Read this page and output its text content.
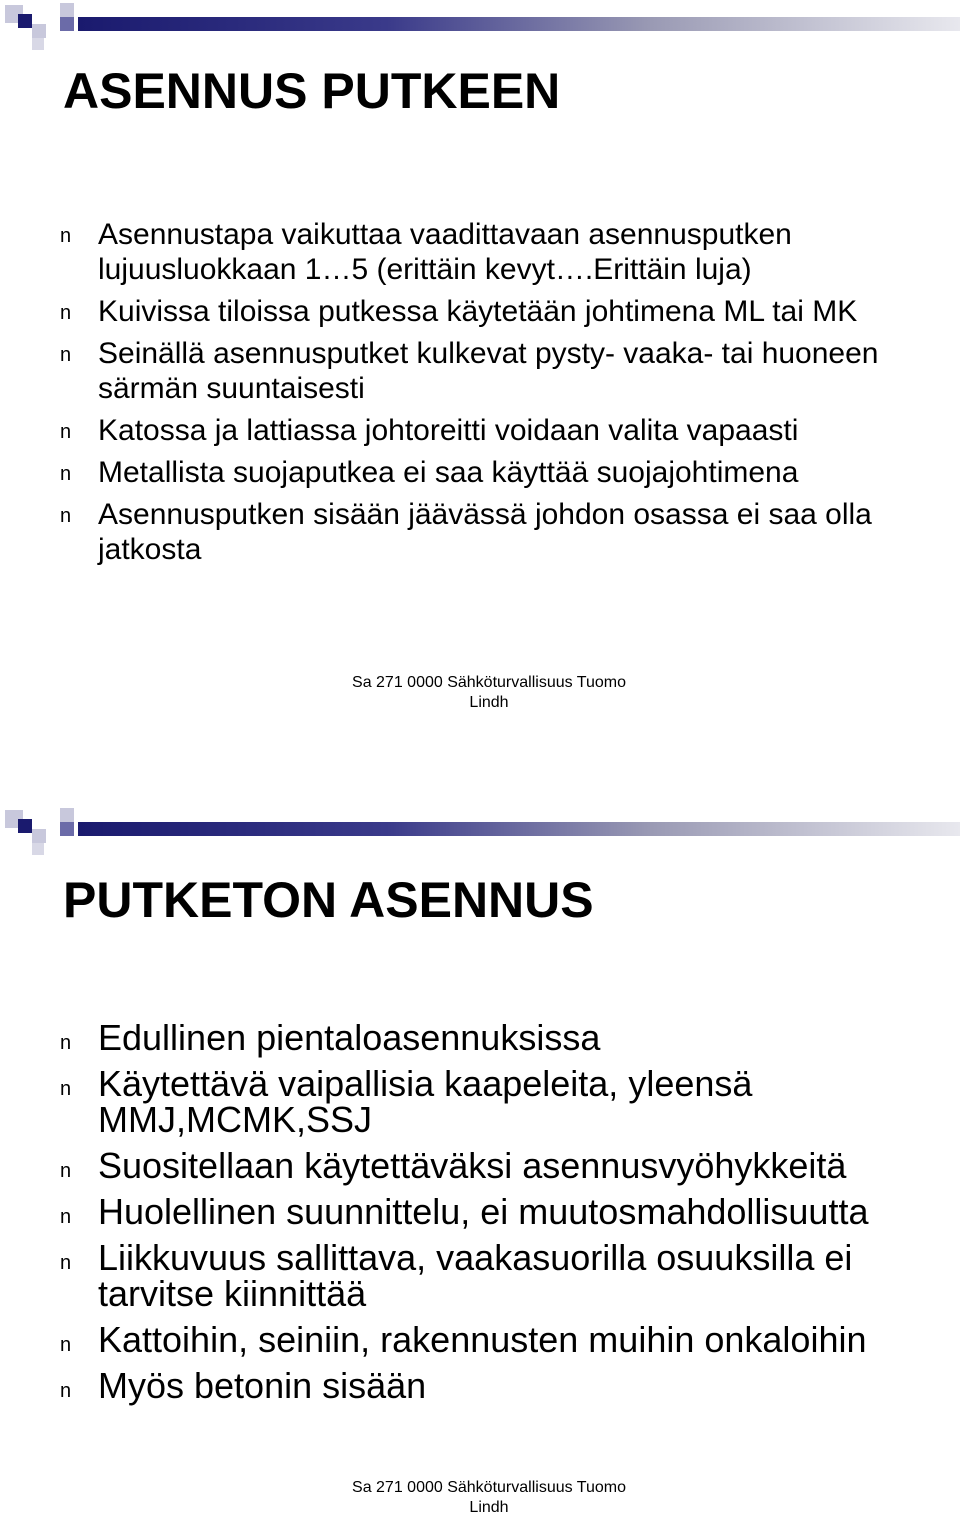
ASENNUS PUTKEEN
n Asennustapa vaikuttaa vaadittavaan asennusputken lujuusluokkaan 1…5 (erittäin kevyt….Erittäin luja)
n Kuivissa tiloissa putkessa käytetään johtimena ML tai MK
n Seinällä asennusputket kulkevat pysty- vaaka- tai huoneen särmän suuntaisesti
n Katossa ja lattiassa johtoreitti voidaan valita vapaasti
n Metallista suojaputkea ei saa käyttää suojajohtimena
n Asennusputken sisään jäävässä johdon osassa ei saa olla jatkosta
Sa 271 0000 Sähköturvallisuus Tuomo Lindh
PUTKETON ASENNUS
n Edullinen pientaloasennuksissa
n Käytettävä vaipallisia kaapeleita, yleensä MMJ,MCMK,SSJ
n Suositellaan käytettäväksi asennusvyöhykkeitä
n Huolellinen suunnittelu, ei muutosmahdollisuutta
n Liikkuvuus sallittava, vaakasuorilla osuuksilla ei tarvitse kiinnittää
n Kattoihin, seiniin, rakennusten muihin onkaloihin
n Myös betonin sisään
Sa 271 0000 Sähköturvallisuus Tuomo Lindh
